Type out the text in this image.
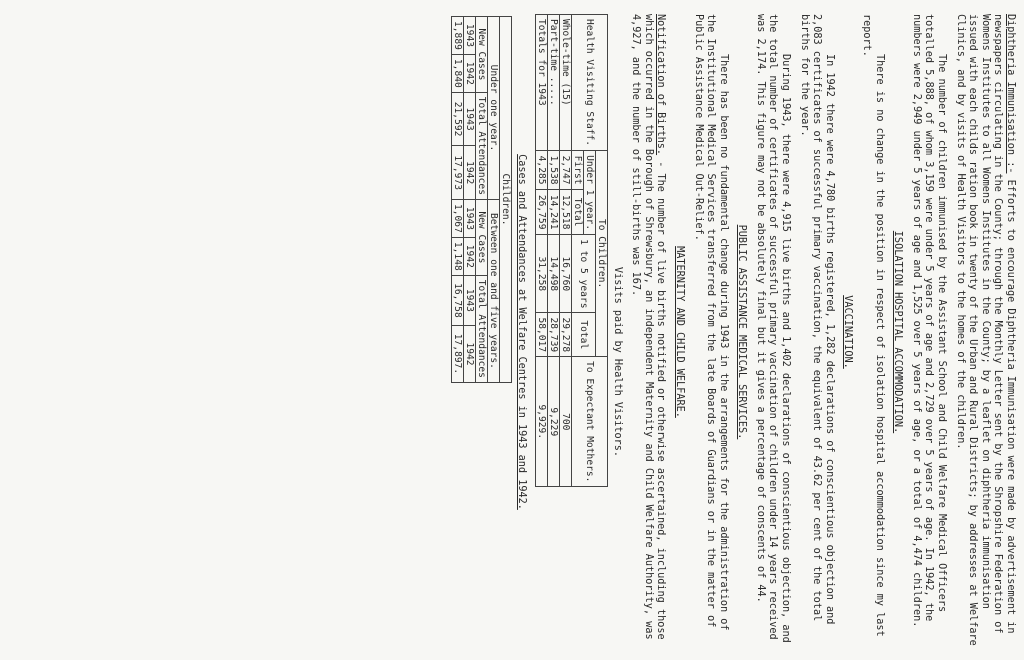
Diphtheria Immunisation :- Efforts to encourage Diphtheria Immunisation were made by advertisement in newspapers circulating in the County; through the Monthly Letter sent by the Shropshire Federation of Womens Institutes to all Womens Institutes in the County; by a leaflet on diphtheria immunisation issued with each childs ration book in twenty of the Urban and Rural Districts; by addresses at Welfare Clinics, and by visits of Health Visitors to the homes of the children.

The number of children immunised by the Assistant School and Child Welfare Medical Officers totalled 5,888, of whom 3,159 were under 5 years of age and 2,729 over 5 years of age. In 1942, the numbers were 2,949 under 5 years of age and 1,525 over 5 years of age, or a total of 4,474 children.

ISOLATION HOSPITAL ACCOMMODATION.

There is no change in the position in respect of isolation hospital accommodation since my last report.

VACCINATION.

In 1942 there were 4,780 births registered, 1,282 declarations of conscientious objection and 2,083 certificates of successful primary vaccination, the equivalent of 43.62 per cent of the total births for the year.

During 1943, there were 4,915 live births and 1,402 declarations of conscientious objection, and the total number of certificates of successful primary vaccination of children under 14 years received was 2,174. This figure may not be absolutely final but it gives a percentage of conscents of 44.

PUBLIC ASSISTANCE MEDICAL SERVICES.

There has been no fundamental change during 1943 in the arrangements for the administration of the Institutional Medical Services transferred from the late Boards of Guardians or in the matter of Public Assistance Medical Out-Relief.

MATERNITY AND CHILD WELFARE.

Notification of Births. - The number of live births notified or otherwise ascertained, including those which occurred in the Borough of Shrewsbury, an independent Maternity and Child Welfare Authority, was 4,927, and the number of still-births was 167.

Visits paid by Health Visitors.
Health Visiting Staff.	To Children.				To Expectant Mothers.
	Under 1 year.		1 to 5 years	Total	
	First	Total			
Whole-time (15)	2,747	12,518	16,760	29,278	700
Part-time .....	1,538	14,241	14,498	28,739	9,229
Totals for 1943	4,285	26,759	31,258	58,017	9,929.
Cases and Attendances at Welfare Centres in 1943 and 1942.
Children.							
Under one year.				Between one and five years.			
New Cases		Total Attendances		New Cases		Total Attendances	
1943	1942	1943	1942	1943	1942	1943	1942
1,889	1,840	21,592	17,973	1,067	1,148	16,758	17,897.
